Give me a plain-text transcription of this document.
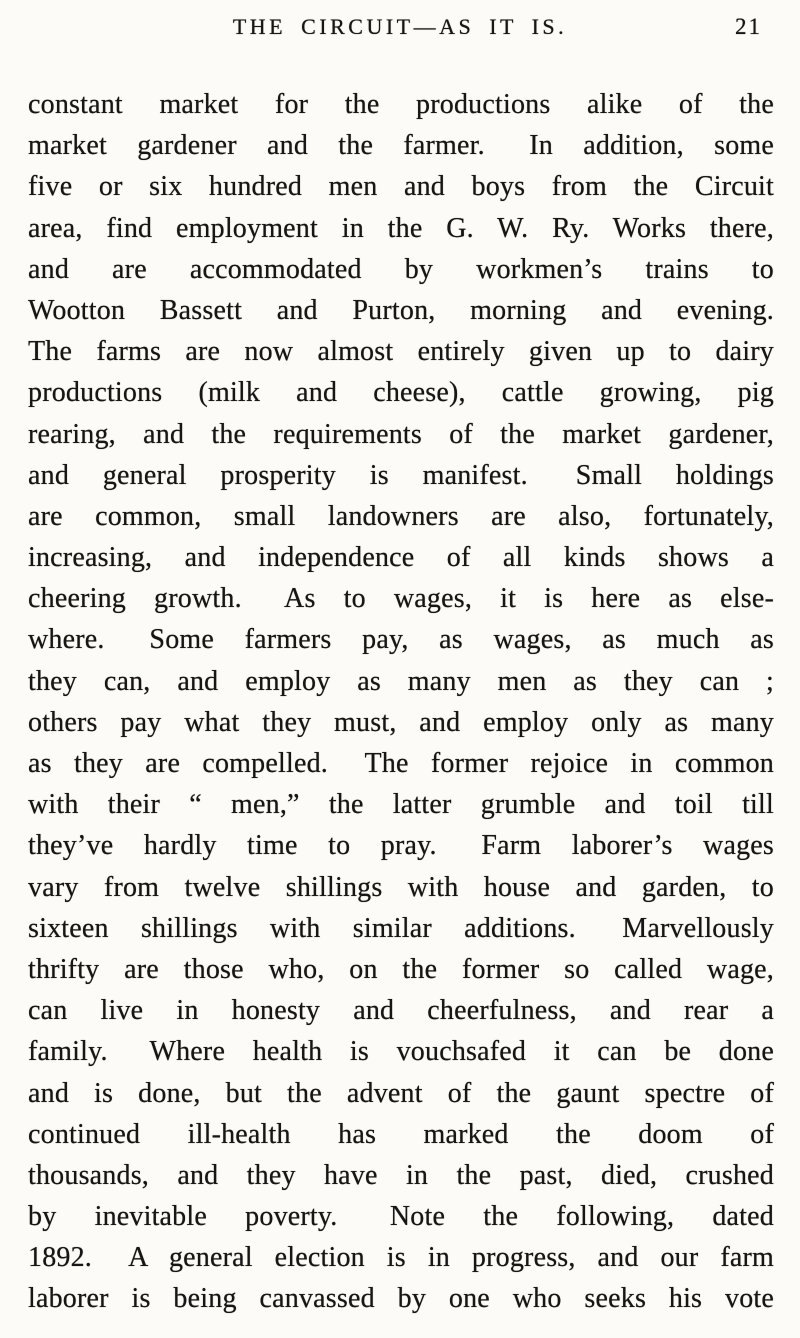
THE CIRCUIT—AS IT IS.	21
constant market for the productions alike of the
market gardener and the farmer.  In addition, some
five or six hundred men and boys from the Circuit
area, find employment in the G. W. Ry. Works there,
and are accommodated by workmen’s trains to
Wootton Bassett and Purton, morning and evening.
The farms are now almost entirely given up to dairy
productions (milk and cheese), cattle growing, pig
rearing, and the requirements of the market gardener,
and general prosperity is manifest.  Small holdings
are common, small landowners are also, fortunately,
increasing, and independence of all kinds shows a
cheering growth.  As to wages, it is here as else-
where.  Some farmers pay, as wages, as much as
they can, and employ as many men as they can ;
others pay what they must, and employ only as many
as they are compelled.  The former rejoice in common
with their “ men,” the latter grumble and toil till
they’ve hardly time to pray.  Farm laborer’s wages
vary from twelve shillings with house and garden, to
sixteen shillings with similar additions.  Marvellously
thrifty are those who, on the former so called wage,
can live in honesty and cheerfulness, and rear a
family.  Where health is vouchsafed it can be done
and is done, but the advent of the gaunt spectre of
continued ill-health has marked the doom of
thousands, and they have in the past, died, crushed
by inevitable poverty.  Note the following, dated
1892.  A general election is in progress, and our farm
laborer is being canvassed by one who seeks his vote
